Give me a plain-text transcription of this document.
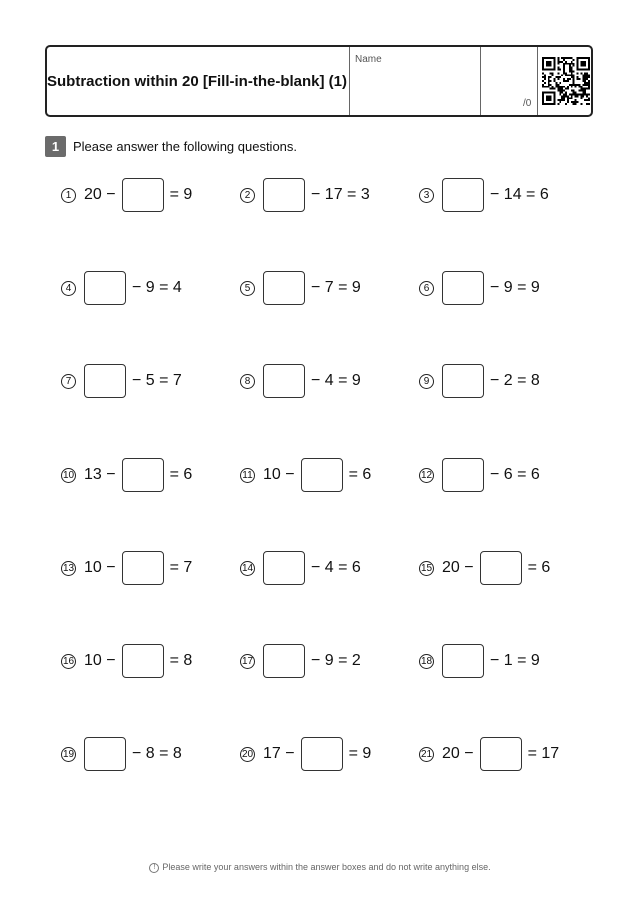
Subtraction within 20 [Fill-in-the-blank] (1)
Name
/0
1	Please answer the following questions.
1 20 −	= 9	2	− 17 = 3	3	− 14 = 6
4	− 9 = 4	5	− 7 = 9	6	− 9 = 9
7	− 5 = 7	8	− 4 = 9	9	− 2 = 8
10 13 −	= 6	11 10 −	= 6	12	− 6 = 6
13 10 −	= 7	14	− 4 = 6	15 20 −	= 6
16 10 −	= 8	17	− 9 = 2	18	− 1 = 9
19	− 8 = 8	20 17 −	= 9	21 20 −	= 17
! Please write your answers within the answer boxes and do not write anything else.
